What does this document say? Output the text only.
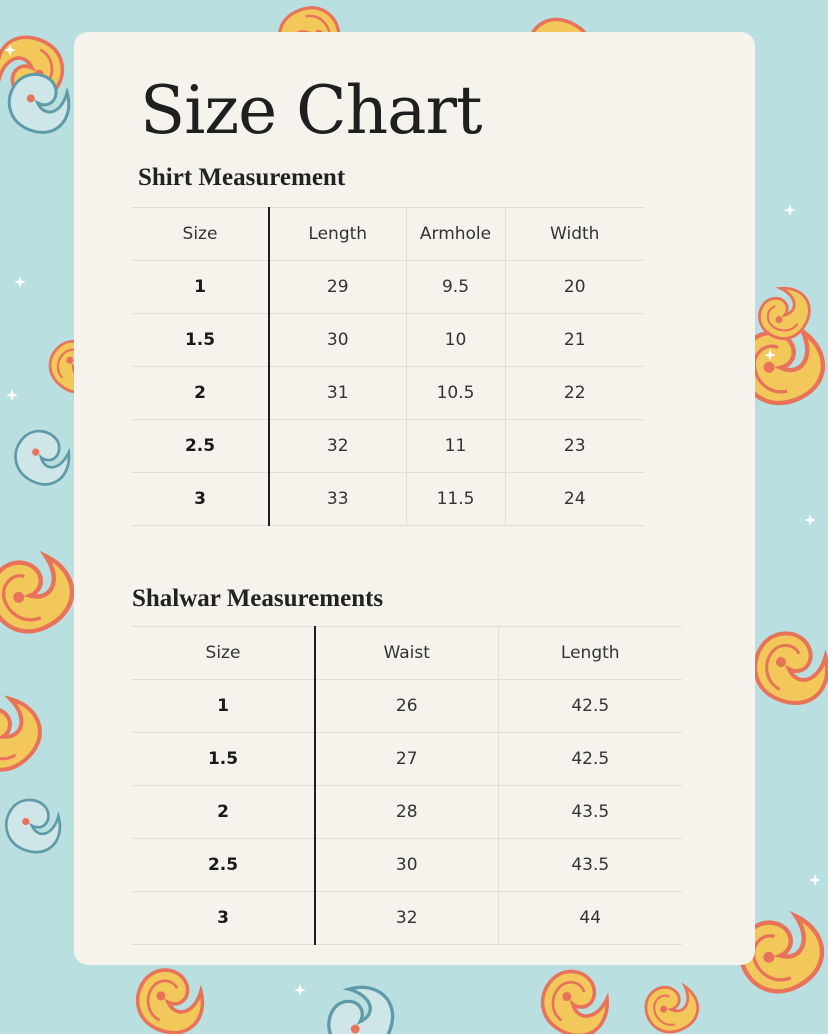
Size Chart
Shirt Measurement
Size	Length	Armhole	Width
1	29	9.5	20
1.5	30	10	21
2	31	10.5	22
2.5	32	11	23
3	33	11.5	24
Shalwar Measurements
Size	Waist	Length
1	26	42.5
1.5	27	42.5
2	28	43.5
2.5	30	43.5
3	32	44
